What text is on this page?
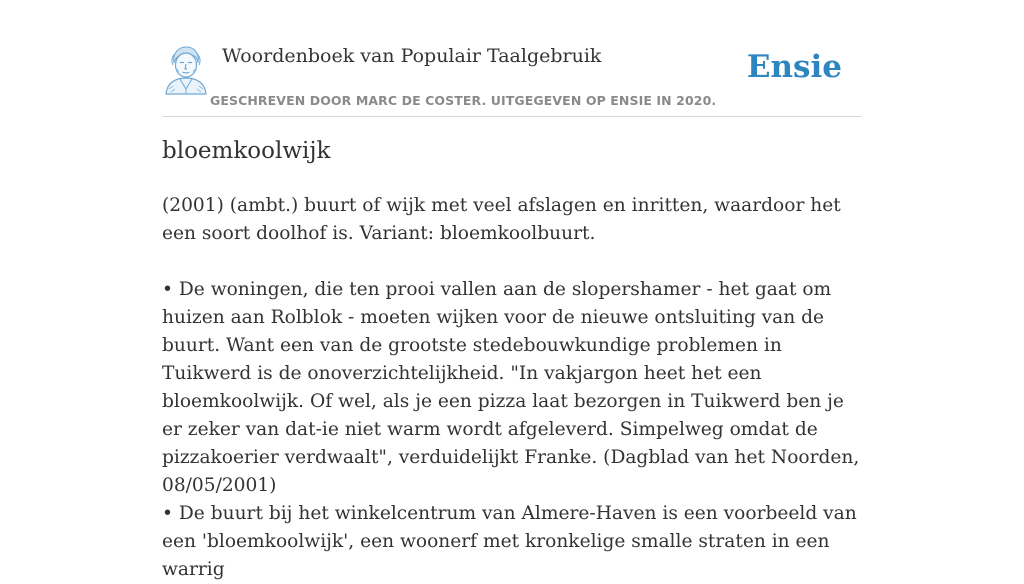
Woordenboek van Populair Taalgebruik
GESCHREVEN DOOR MARC DE COSTER. UITGEGEVEN OP ENSIE IN 2020.
Ensie
bloemkoolwijk

(2001) (ambt.) buurt of wijk met veel afslagen en inritten, waardoor het een soort doolhof is. Variant: bloemkoolbuurt.

• De woningen, die ten prooi vallen aan de slopershamer - het gaat om huizen aan Rolblok - moeten wijken voor de nieuwe ontsluiting van de buurt. Want een van de grootste stedebouwkundige problemen in Tuikwerd is de onoverzichtelijkheid. "In vakjargon heet het een bloemkoolwijk. Of wel, als je een pizza laat bezorgen in Tuikwerd ben je er zeker van dat-ie niet warm wordt afgeleverd. Simpelweg omdat de pizzakoerier verdwaalt", verduidelijkt Franke. (Dagblad van het Noorden, 08/05/2001)

• De buurt bij het winkelcentrum van Almere-Haven is een voorbeeld van een 'bloemkoolwijk', een woonerf met kronkelige smalle straten in een warrig
